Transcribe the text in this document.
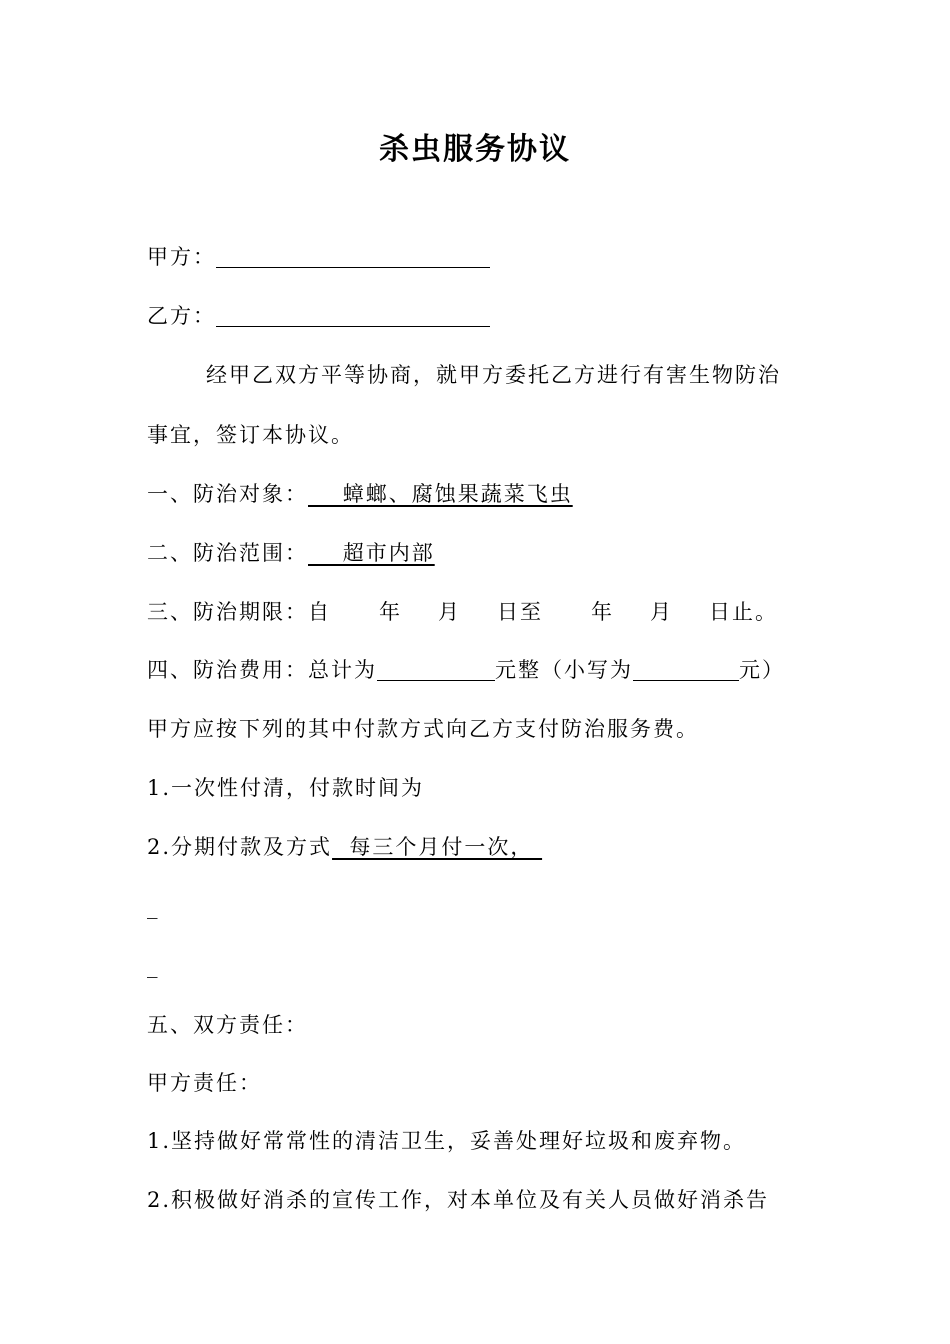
杀虫服务协议
甲方：
乙方：
经甲乙双方平等协商，就甲方委托乙方进行有害生物防治
事宜，签订本协议。
一、防治对象：    蟑螂、腐蚀果蔬菜飞虫
二、防治范围：    超市内部
三、防治期限：自 年 月 日至 年 月 日止。
四、防治费用：总计为	元整（小写为	元）
甲方应按下列的其中付款方式向乙方支付防治服务费。
1.一次性付清，付款时间为
2.分期付款及方式  每三个月付一次，
_
_
五、双方责任：
甲方责任：
1.坚持做好常常性的清洁卫生，妥善处理好垃圾和废弃物。
2.积极做好消杀的宣传工作，对本单位及有关人员做好消杀告
